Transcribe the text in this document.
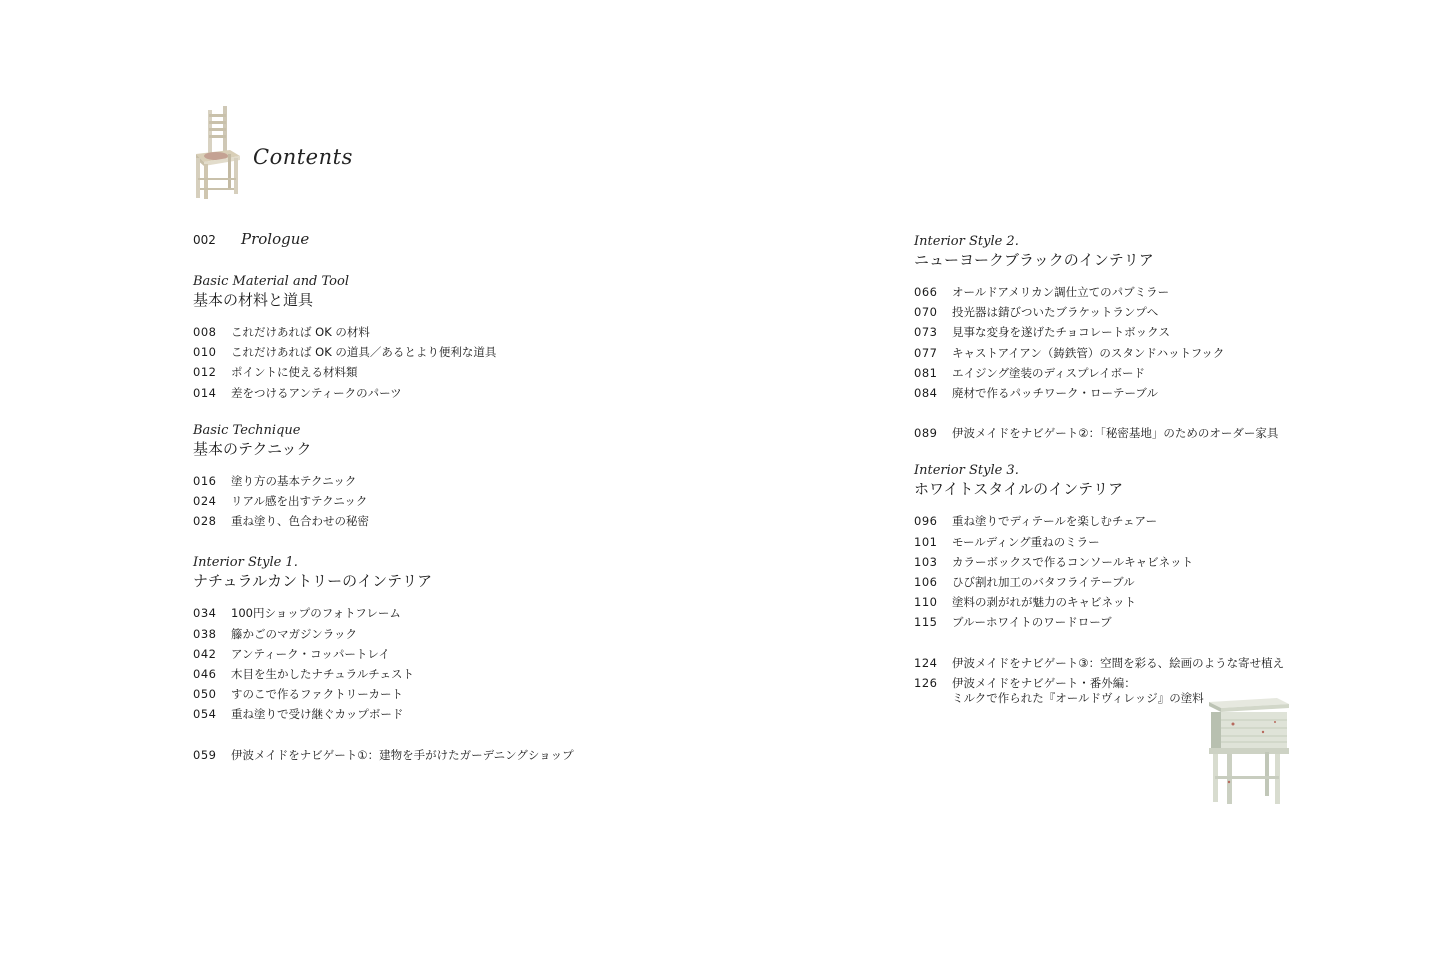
Contents
002	Prologue
Basic Material and Tool
基本の材料と道具
008	これだけあれば OK の材料
010	これだけあれば OK の道具／あるとより便利な道具
012	ポイントに使える材料類
014	差をつけるアンティークのパーツ
Basic Technique
基本のテクニック
016	塗り方の基本テクニック
024	リアル感を出すテクニック
028	重ね塗り、色合わせの秘密
Interior Style 1.
ナチュラルカントリーのインテリア
034	100円ショップのフォトフレーム
038	籐かごのマガジンラック
042	アンティーク・コッパートレイ
046	木目を生かしたナチュラルチェスト
050	すのこで作るファクトリーカート
054	重ね塗りで受け継ぐカップボード
059	伊波メイドをナビゲート①：建物を手がけたガーデニングショップ
Interior Style 2.
ニューヨークブラックのインテリア
066	オールドアメリカン調仕立てのパブミラー
070	投光器は錆びついたブラケットランプへ
073	見事な変身を遂げたチョコレートボックス
077	キャストアイアン（鋳鉄管）のスタンドハットフック
081	エイジング塗装のディスプレイボード
084	廃材で作るパッチワーク・ローテーブル
089	伊波メイドをナビゲート②：「秘密基地」のためのオーダー家具
Interior Style 3.
ホワイトスタイルのインテリア
096	重ね塗りでディテールを楽しむチェアー
101	モールディング重ねのミラー
103	カラーボックスで作るコンソールキャビネット
106	ひび割れ加工のバタフライテーブル
110	塗料の剥がれが魅力のキャビネット
115	ブルーホワイトのワードローブ
124	伊波メイドをナビゲート③：空間を彩る、絵画のような寄せ植え
126	伊波メイドをナビゲート・番外編：
ミルクで作られた『オールドヴィレッジ』の塗料
